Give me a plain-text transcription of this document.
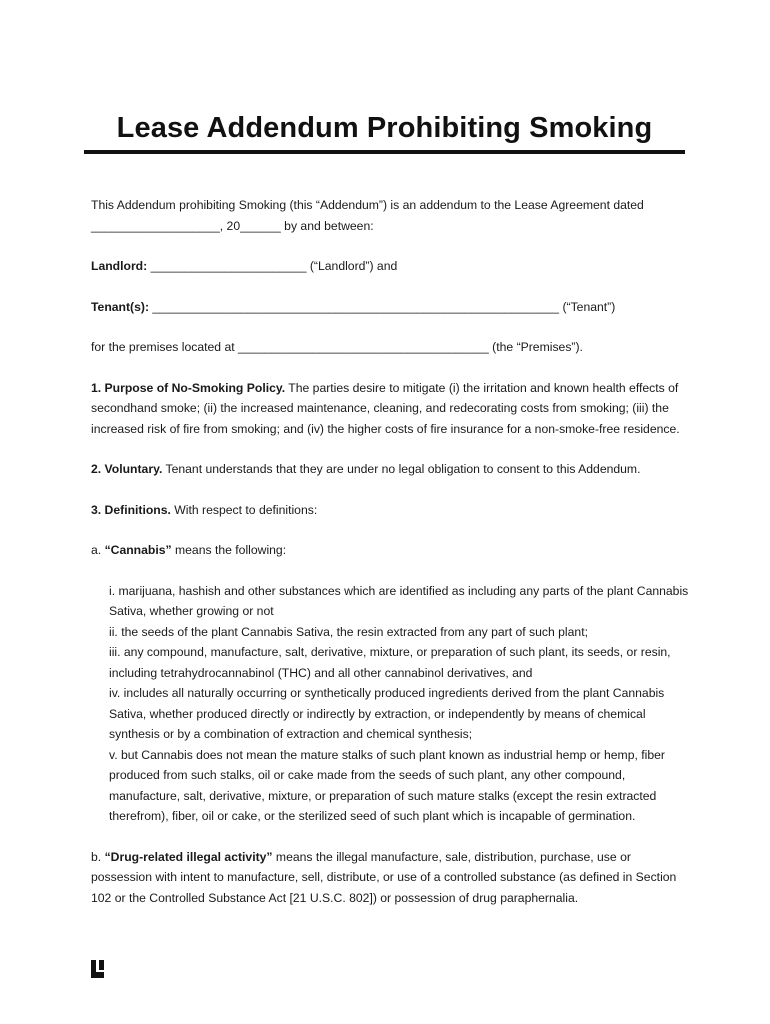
Lease Addendum Prohibiting Smoking

This Addendum prohibiting Smoking (this “Addendum”) is an addendum to the Lease Agreement dated
___________________, 20______ by and between:

Landlord: _______________________ (“Landlord”) and

Tenant(s): ____________________________________________________________ (“Tenant”)

for the premises located at _____________________________________ (the “Premises”).

1. Purpose of No-Smoking Policy. The parties desire to mitigate (i) the irritation and known health effects of secondhand smoke; (ii) the increased maintenance, cleaning, and redecorating costs from smoking; (iii) the increased risk of fire from smoking; and (iv) the higher costs of fire insurance for a non-smoke-free residence.

2. Voluntary. Tenant understands that they are under no legal obligation to consent to this Addendum.

3. Definitions. With respect to definitions:

a. “Cannabis” means the following:

i. marijuana, hashish and other substances which are identified as including any parts of the plant Cannabis Sativa, whether growing or not
ii. the seeds of the plant Cannabis Sativa, the resin extracted from any part of such plant;
iii. any compound, manufacture, salt, derivative, mixture, or preparation of such plant, its seeds, or resin, including tetrahydrocannabinol (THC) and all other cannabinol derivatives, and
iv. includes all naturally occurring or synthetically produced ingredients derived from the plant Cannabis Sativa, whether produced directly or indirectly by extraction, or independently by means of chemical synthesis or by a combination of extraction and chemical synthesis;
v. but Cannabis does not mean the mature stalks of such plant known as industrial hemp or hemp, fiber produced from such stalks, oil or cake made from the seeds of such plant, any other compound, manufacture, salt, derivative, mixture, or preparation of such mature stalks (except the resin extracted therefrom), fiber, oil or cake, or the sterilized seed of such plant which is incapable of germination.

b. “Drug-related illegal activity” means the illegal manufacture, sale, distribution, purchase, use or possession with intent to manufacture, sell, distribute, or use of a controlled substance (as defined in Section 102 or the Controlled Substance Act [21 U.S.C. 802]) or possession of drug paraphernalia.
